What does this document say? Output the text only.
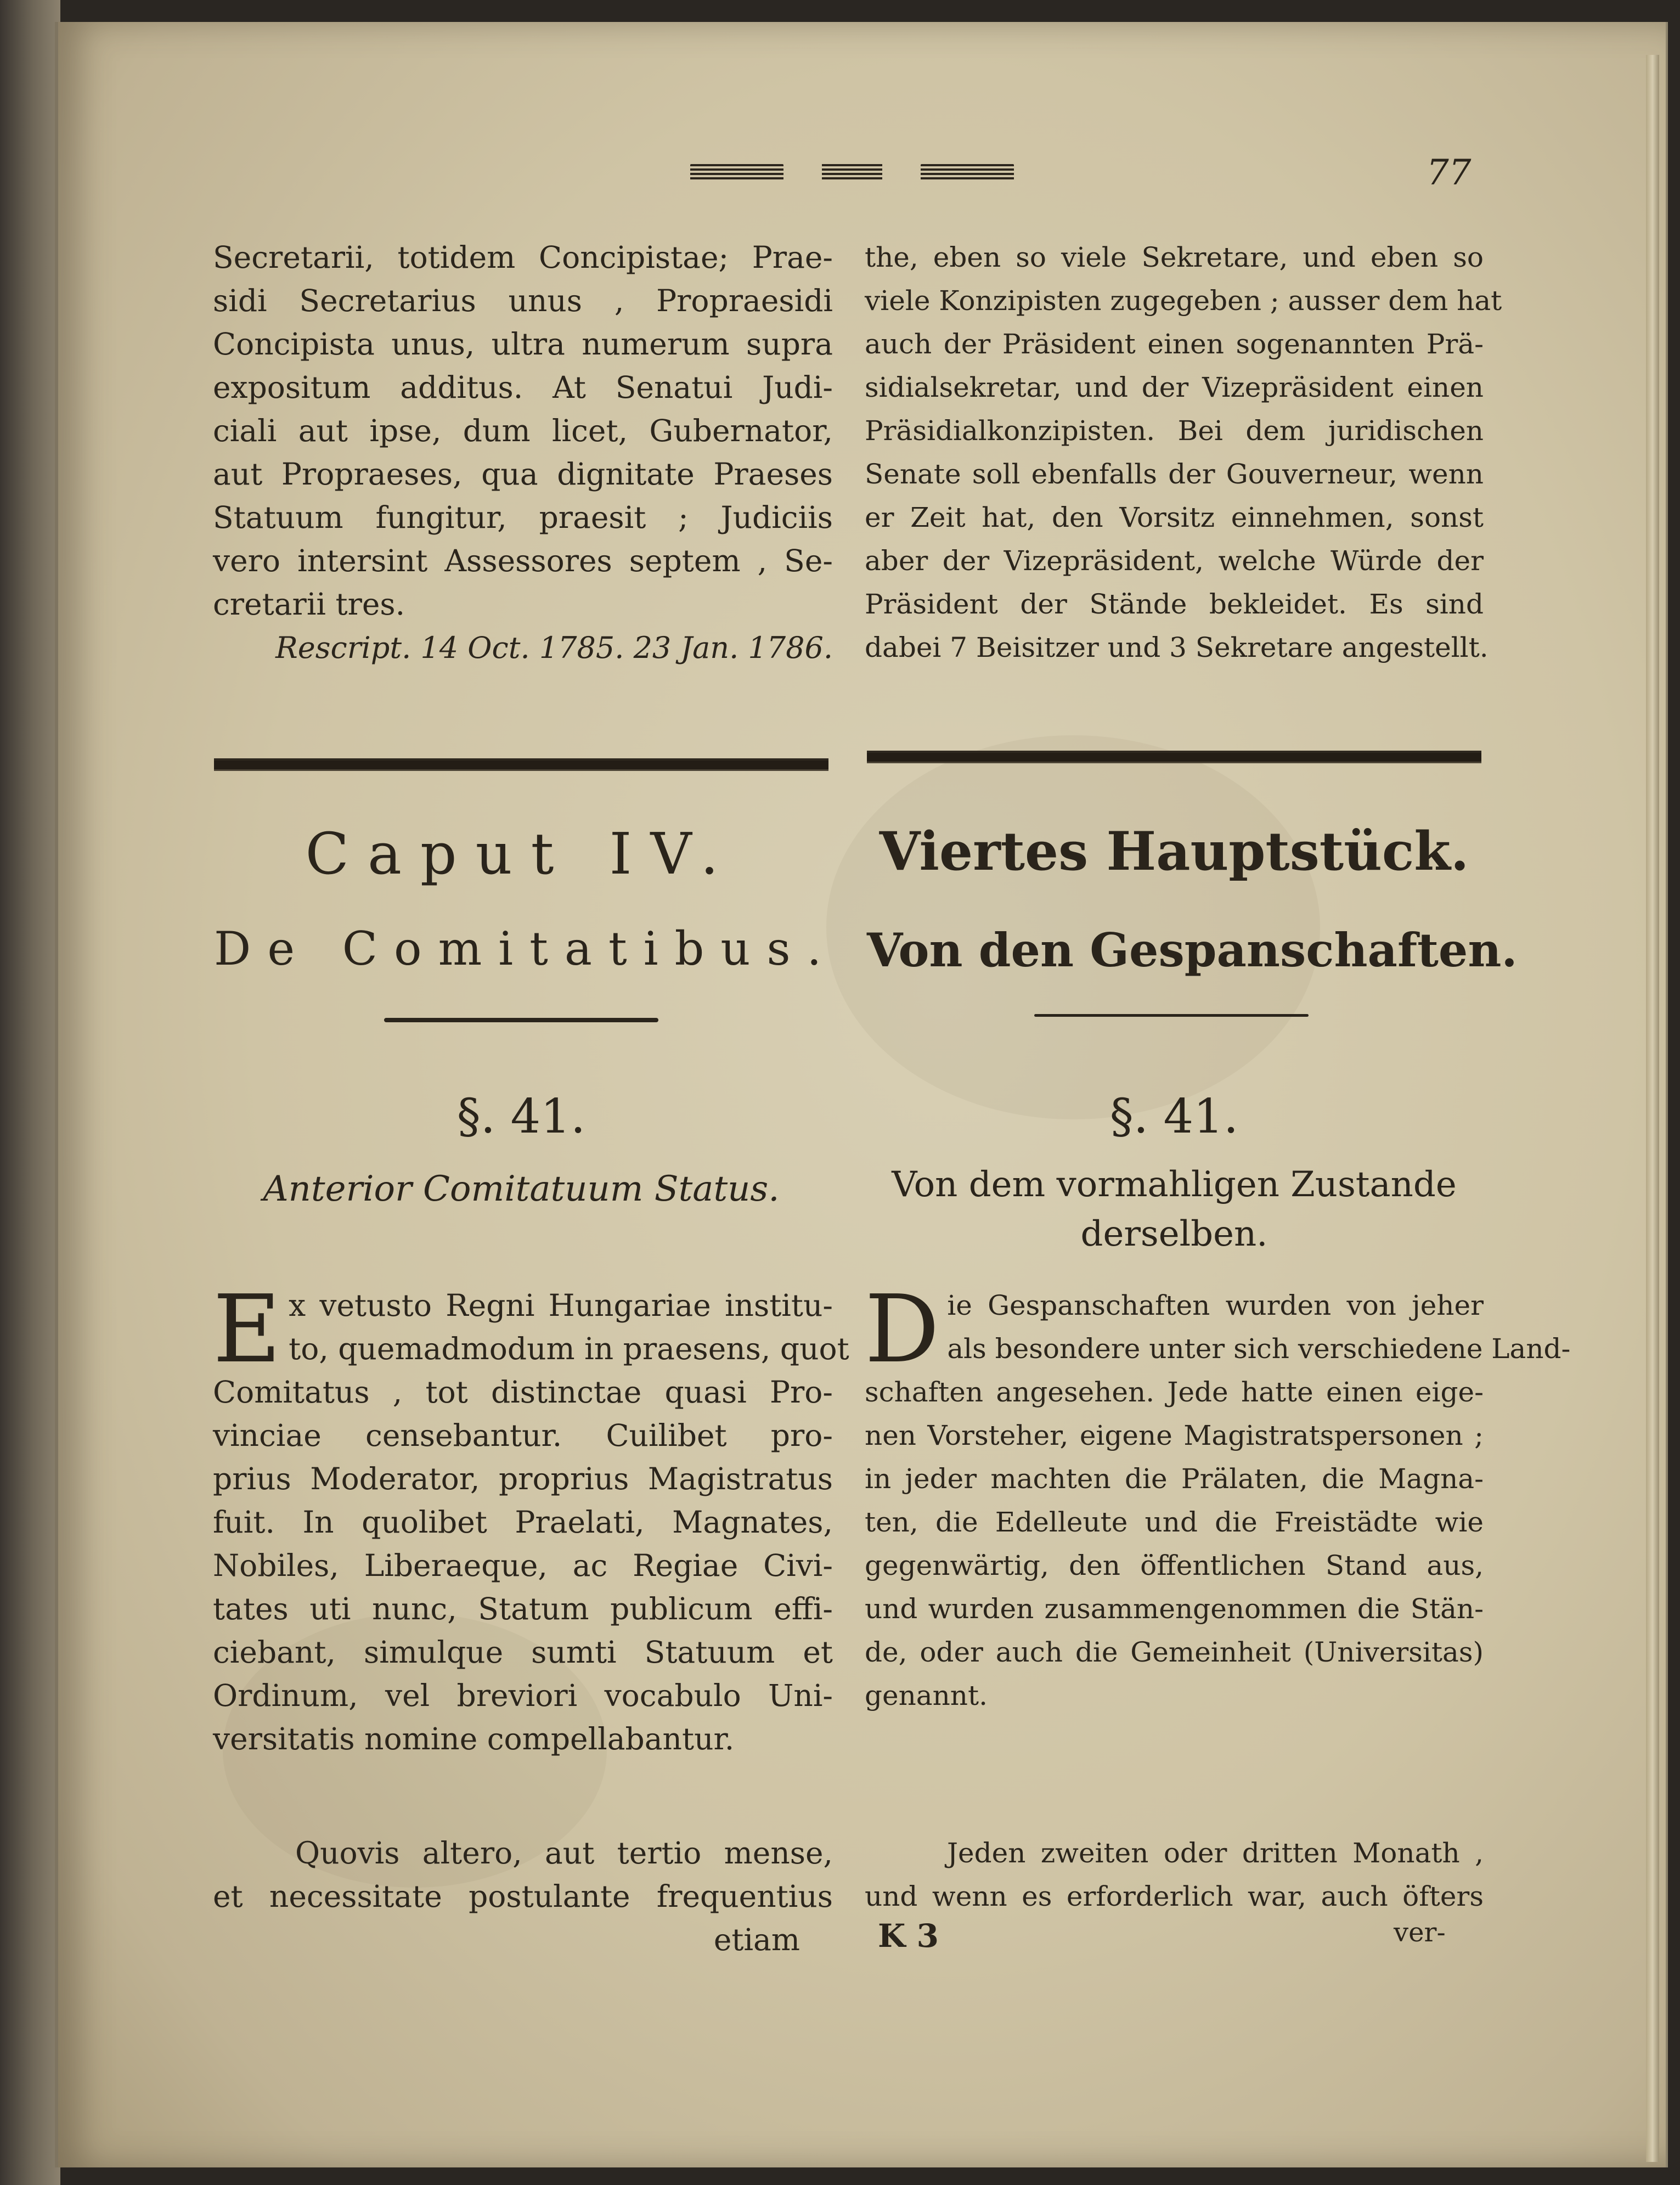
77
Secretarii, totidem Concipistae; Prae-
sidi Secretarius unus , Propraesidi
Concipista unus, ultra numerum supra
expositum additus. At Senatui Judi-
ciali aut ipse, dum licet, Gubernator,
aut Propraeses, qua dignitate Praeses
Statuum fungitur, praesit ; Judiciis
vero intersint Assessores septem , Se-
cretarii tres.
Rescript. 14 Oct. 1785. 23 Jan. 1786.
the, eben so viele Sekretare, und eben so
viele Konzipisten zugegeben ; ausser dem hat
auch der Präsident einen sogenannten Prä-
sidialsekretar, und der Vizepräsident einen
Präsidialkonzipisten. Bei dem juridischen
Senate soll ebenfalls der Gouverneur, wenn
er Zeit hat, den Vorsitz einnehmen, sonst
aber der Vizepräsident, welche Würde der
Präsident der Stände bekleidet. Es sind
dabei 7 Beisitzer und 3 Sekretare angestellt.
Caput IV.	Viertes Hauptstück.
De Comitatibus. Von den Gespanschaften.
§. 41.	§. 41.
Anterior Comitatuum Status.	Von dem vormahligen Zustande
derselben.
E x vetusto Regni Hungariae institu-
to, quemadmodum in praesens, quot
Comitatus , tot distinctae quasi Pro-
vinciae censebantur. Cuilibet pro-
prius Moderator, proprius Magistratus
fuit. In quolibet Praelati, Magnates,
Nobiles, Liberaeque, ac Regiae Civi-
tates uti nunc, Statum publicum effi-
ciebant, simulque sumti Statuum et
Ordinum, vel breviori vocabulo Uni-
versitatis nomine compellabantur.
D ie Gespanschaften wurden von jeher
als besondere unter sich verschiedene Land-
schaften angesehen. Jede hatte einen eige-
nen Vorsteher, eigene Magistratspersonen ;
in jeder machten die Prälaten, die Magna-
ten, die Edelleute und die Freistädte wie
gegenwärtig, den öffentlichen Stand aus,
und wurden zusammengenommen die Stän-
de, oder auch die Gemeinheit (Universitas)
genannt.
Quovis altero, aut tertio mense,
et necessitate postulante frequentius
etiam
Jeden zweiten oder dritten Monath ,
und wenn es erforderlich war, auch öfters
K 3	ver-
